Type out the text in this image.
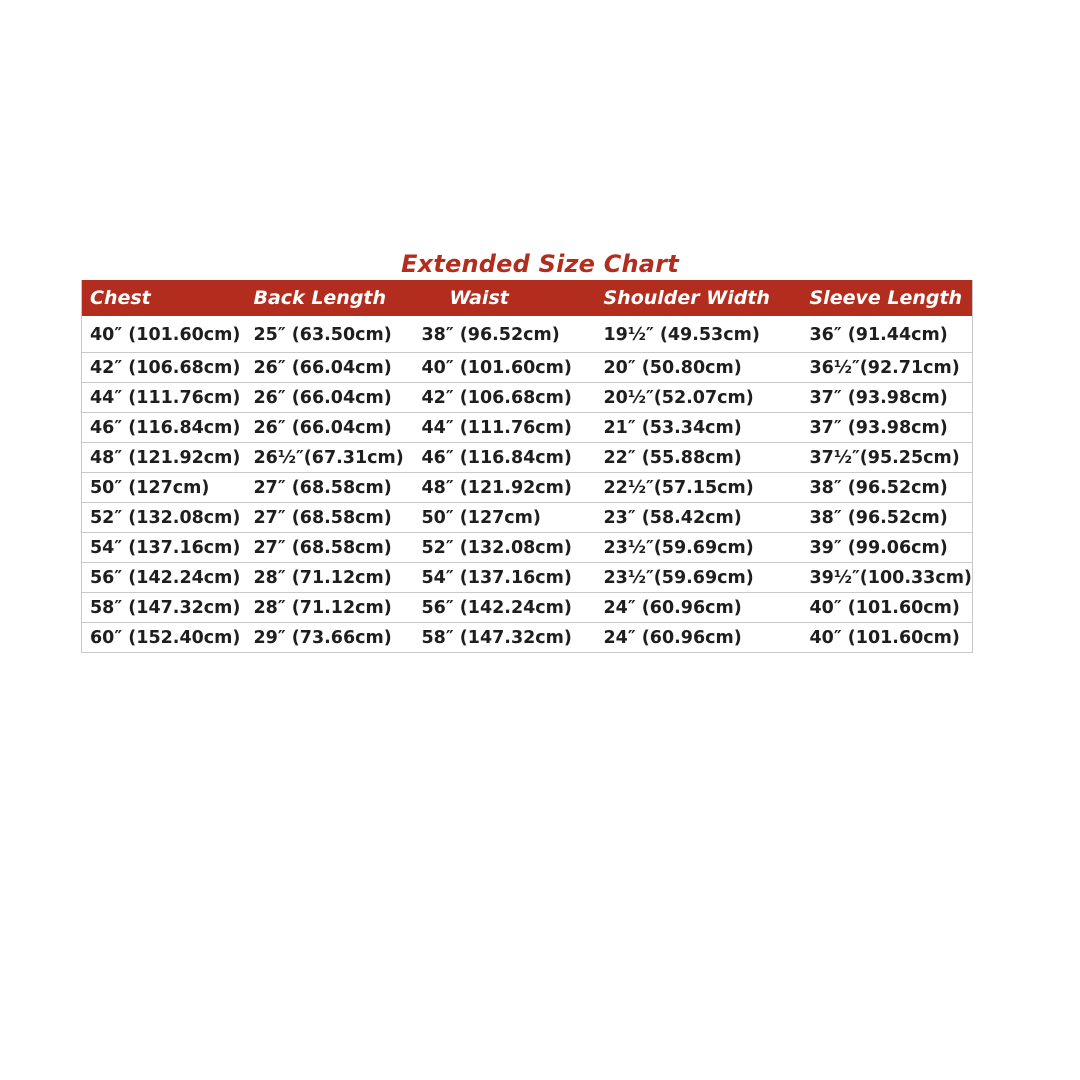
Extended Size Chart
Chest	Back Length	Waist	Shoulder Width	Sleeve Length
40″ (101.60cm)	25″ (63.50cm)	38″ (96.52cm)	19½″ (49.53cm)	36″ (91.44cm)
42″ (106.68cm)	26″ (66.04cm)	40″ (101.60cm)	20″ (50.80cm)	36½″(92.71cm)
44″ (111.76cm)	26″ (66.04cm)	42″ (106.68cm)	20½″(52.07cm)	37″ (93.98cm)
46″ (116.84cm)	26″ (66.04cm)	44″ (111.76cm)	21″ (53.34cm)	37″ (93.98cm)
48″ (121.92cm)	26½″(67.31cm)	46″ (116.84cm)	22″ (55.88cm)	37½″(95.25cm)
50″ (127cm)	27″ (68.58cm)	48″ (121.92cm)	22½″(57.15cm)	38″ (96.52cm)
52″ (132.08cm)	27″ (68.58cm)	50″ (127cm)	23″ (58.42cm)	38″ (96.52cm)
54″ (137.16cm)	27″ (68.58cm)	52″ (132.08cm)	23½″(59.69cm)	39″ (99.06cm)
56″ (142.24cm)	28″ (71.12cm)	54″ (137.16cm)	23½″(59.69cm)	39½″(100.33cm)
58″ (147.32cm)	28″ (71.12cm)	56″ (142.24cm)	24″ (60.96cm)	40″ (101.60cm)
60″ (152.40cm)	29″ (73.66cm)	58″ (147.32cm)	24″ (60.96cm)	40″ (101.60cm)
